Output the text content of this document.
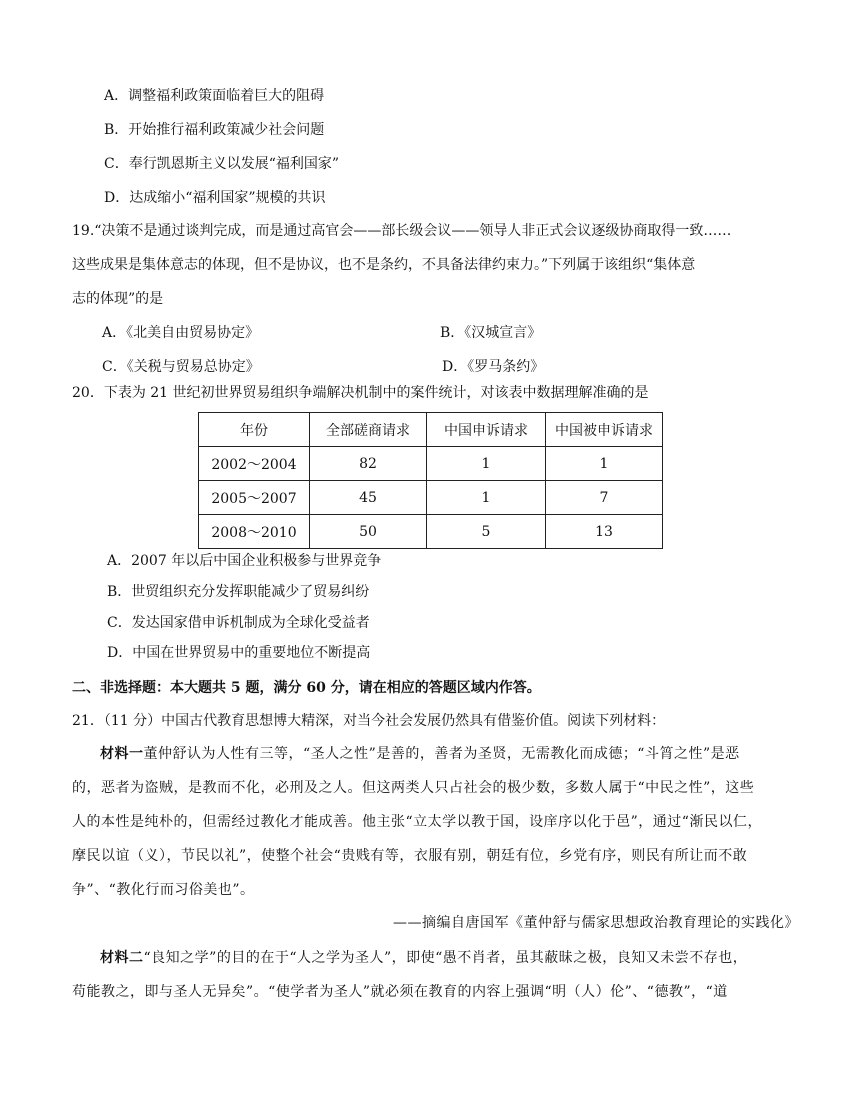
A．调整福利政策面临着巨大的阻碍
B．开始推行福利政策减少社会问题
C．奉行凯恩斯主义以发展“福利国家”
D．达成缩小“福利国家”规模的共识
19.“决策不是通过谈判完成，而是通过高官会——部长级会议——领导人非正式会议逐级协商取得一致……
这些成果是集体意志的体现，但不是协议，也不是条约，不具备法律约束力。”下列属于该组织“集体意
志的体现”的是
A．《北美自由贸易协定》	B．《汉城宣言》
C．《关税与贸易总协定》	D．《罗马条约》
20．下表为 21 世纪初世界贸易组织争端解决机制中的案件统计，对该表中数据理解准确的是
年份	全部磋商请求	中国申诉请求	中国被申诉请求
2002～2004	82	1	1
2005～2007	45	1	7
2008～2010	50	5	13
A．2007 年以后中国企业积极参与世界竞争
B．世贸组织充分发挥职能减少了贸易纠纷
C．发达国家借申诉机制成为全球化受益者
D．中国在世界贸易中的重要地位不断提高
二、非选择题：本大题共 5 题，满分 60 分，请在相应的答题区域内作答。
21．（11 分）中国古代教育思想博大精深，对当今社会发展仍然具有借鉴价值。阅读下列材料：
材料一董仲舒认为人性有三等，“圣人之性”是善的，善者为圣贤，无需教化而成德；“斗筲之性”是恶
的，恶者为盗贼，是教而不化，必刑及之人。但这两类人只占社会的极少数，多数人属于“中民之性”，这些
人的本性是纯朴的，但需经过教化才能成善。他主张“立太学以教于国，设庠序以化于邑”，通过“渐民以仁，
摩民以谊（义），节民以礼”，使整个社会“贵贱有等，衣服有别，朝廷有位，乡党有序，则民有所让而不敢
争”、“教化行而习俗美也”。
——摘编自唐国军《董仲舒与儒家思想政治教育理论的实践化》
材料二“良知之学”的目的在于“人之学为圣人”，即使“愚不肖者，虽其蔽昧之极，良知又未尝不存也，
苟能教之，即与圣人无异矣”。“使学者为圣人”就必须在教育的内容上强调“明（人）伦”、“德教”，“道
